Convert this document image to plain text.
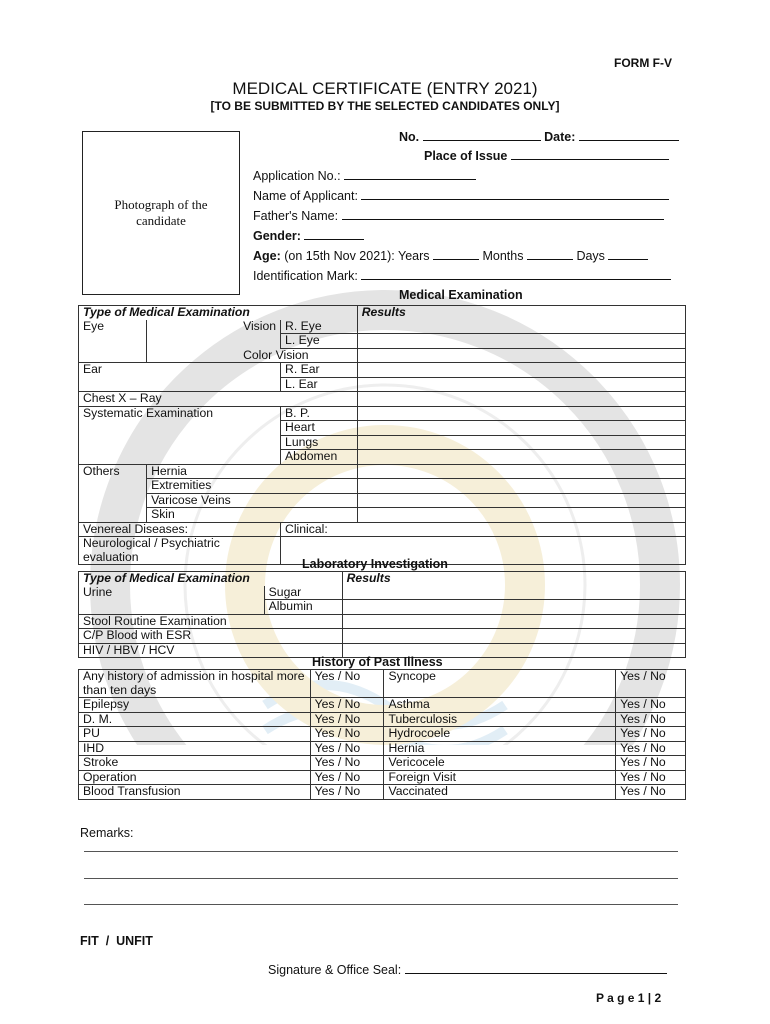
FORM F-V
MEDICAL CERTIFICATE (ENTRY 2021)
[TO BE SUBMITTED BY THE SELECTED CANDIDATES ONLY]
No.	Date:
Place of Issue
Photograph of the candidate
Application No.:
Name of Applicant:
Father's Name:
Gender:
Age: (on 15th Nov 2021): Years	Months	Days
Identification Mark:
Medical Examination
Type of Medical Examination			Results
Eye	Vision	R. Eye	
		L. Eye	
	Color Vision		
Ear		R. Ear	
		L. Ear	
Chest X – Ray			
Systematic Examination		B. P.	
		Heart	
		Lungs	
		Abdomen	
Others	Hernia		
	Extremities		
	Varicose Veins		
	Skin		
Venereal Diseases:		Clinical:	
Neurological / Psychiatric evaluation			
Laboratory Investigation
Type of Medical Examination		Results
Urine	Sugar	
	Albumin	
Stool Routine Examination		
C/P Blood with ESR		
HIV / HBV / HCV		
History of Past Illness
Any history of admission in hospital more than ten days	Yes / No	Syncope	Yes / No
Epilepsy	Yes / No	Asthma	Yes / No
D. M.	Yes / No	Tuberculosis	Yes / No
PU	Yes / No	Hydrocoele	Yes / No
IHD	Yes / No	Hernia	Yes / No
Stroke	Yes / No	Vericocele	Yes / No
Operation	Yes / No	Foreign Visit	Yes / No
Blood Transfusion	Yes / No	Vaccinated	Yes / No
Remarks:
FIT  /  UNFIT
Signature & Office Seal:
P a g e 1 | 2
